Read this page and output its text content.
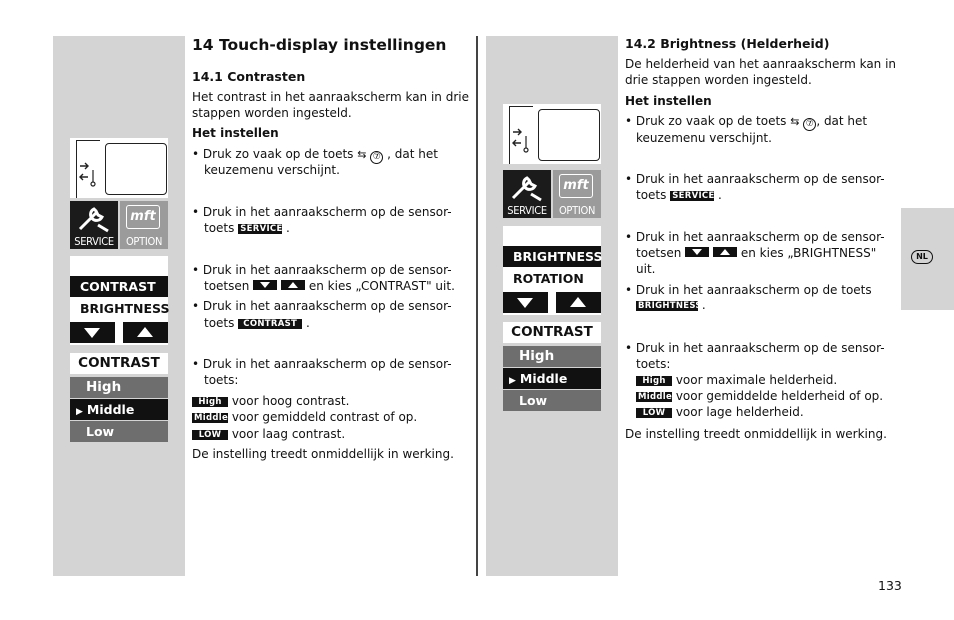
14 Touch-display instellingen
14.1 Contrasten
Het contrast in het aanraakscherm kan in drie
stappen worden ingesteld.
Het instellen
• Druk zo vaak op de toets ⇆ ⑦ , dat het
keuzemenu verschijnt.
• Druk in het aanraakscherm op de sensor-
toets SERVICE .
• Druk in het aanraakscherm op de sensor-
toetsen	en kies „CONTRAST" uit.
• Druk in het aanraakscherm op de sensor-
toets CONTRAST .
• Druk in het aanraakscherm op de sensor-
toets:
High voor hoog contrast.
Middle voor gemiddeld contrast of op.
LOW voor laag contrast.
De instelling treedt onmiddellijk in werking.
SERVICE
mft
OPTION
CONTRAST
BRIGHTNESS
CONTRAST
High
▶ Middle
Low
14.2 Brightness (Helderheid)
De helderheid van het aanraakscherm kan in
drie stappen worden ingesteld.
Het instellen
• Druk zo vaak op de toets ⇆ ⑦ , dat het
keuzemenu verschijnt.
• Druk in het aanraakscherm op de sensor-
toets SERVICE .
• Druk in het aanraakscherm op de sensor-
toetsen	en kies „BRIGHTNESS"
uit.
• Druk in het aanraakscherm op de toets
BRIGHTNESS .
• Druk in het aanraakscherm op de sensor-
toets:
High voor maximale helderheid.
Middle voor gemiddelde helderheid of op.
LOW voor lage helderheid.
De instelling treedt onmiddellijk in werking.
SERVICE
mft
OPTION
BRIGHTNESS
ROTATION
CONTRAST
High
▶ Middle
Low
NL
133
